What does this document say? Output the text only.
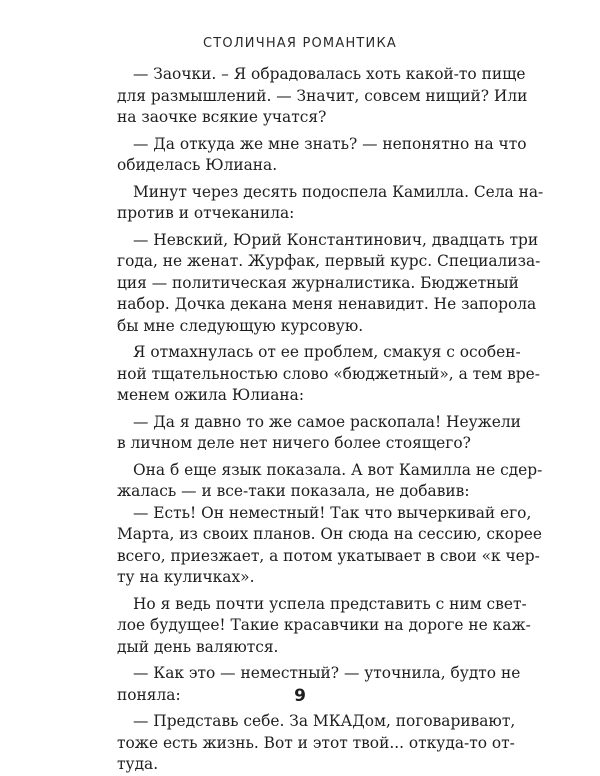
СТОЛИЧНАЯ РОМАНТИКА
— Заочки. – Я обрадовалась хоть какой-то пище
для размышлений. — Значит, совсем нищий? Или
на заочке всякие учатся?
— Да откуда же мне знать? — непонятно на что
обиделась Юлиана.
Минут через десять подоспела Камилла. Села на-
против и отчеканила:
— Невский, Юрий Константинович, двадцать три
года, не женат. Журфак, первый курс. Специализа-
ция — политическая журналистика. Бюджетный
набор. Дочка декана меня ненавидит. Не запорола
бы мне следующую курсовую.
Я отмахнулась от ее проблем, смакуя с особен-
ной тщательностью слово «бюджетный», а тем вре-
менем ожила Юлиана:
— Да я давно то же самое раскопала! Неужели
в личном деле нет ничего более стоящего?
Она б еще язык показала. А вот Камилла не сдер-
жалась — и все-таки показала, не добавив:
— Есть! Он неместный! Так что вычеркивай его,
Марта, из своих планов. Он сюда на сессию, скорее
всего, приезжает, а потом укатывает в свои «к чер-
ту на куличках».
Но я ведь почти успела представить с ним свет-
лое будущее! Такие красавчики на дороге не каж-
дый день валяются.
— Как это — неместный? — уточнила, будто не
поняла:
— Представь себе. За МКАДом, поговаривают,
тоже есть жизнь. Вот и этот твой... откуда-то от-
туда.
9
